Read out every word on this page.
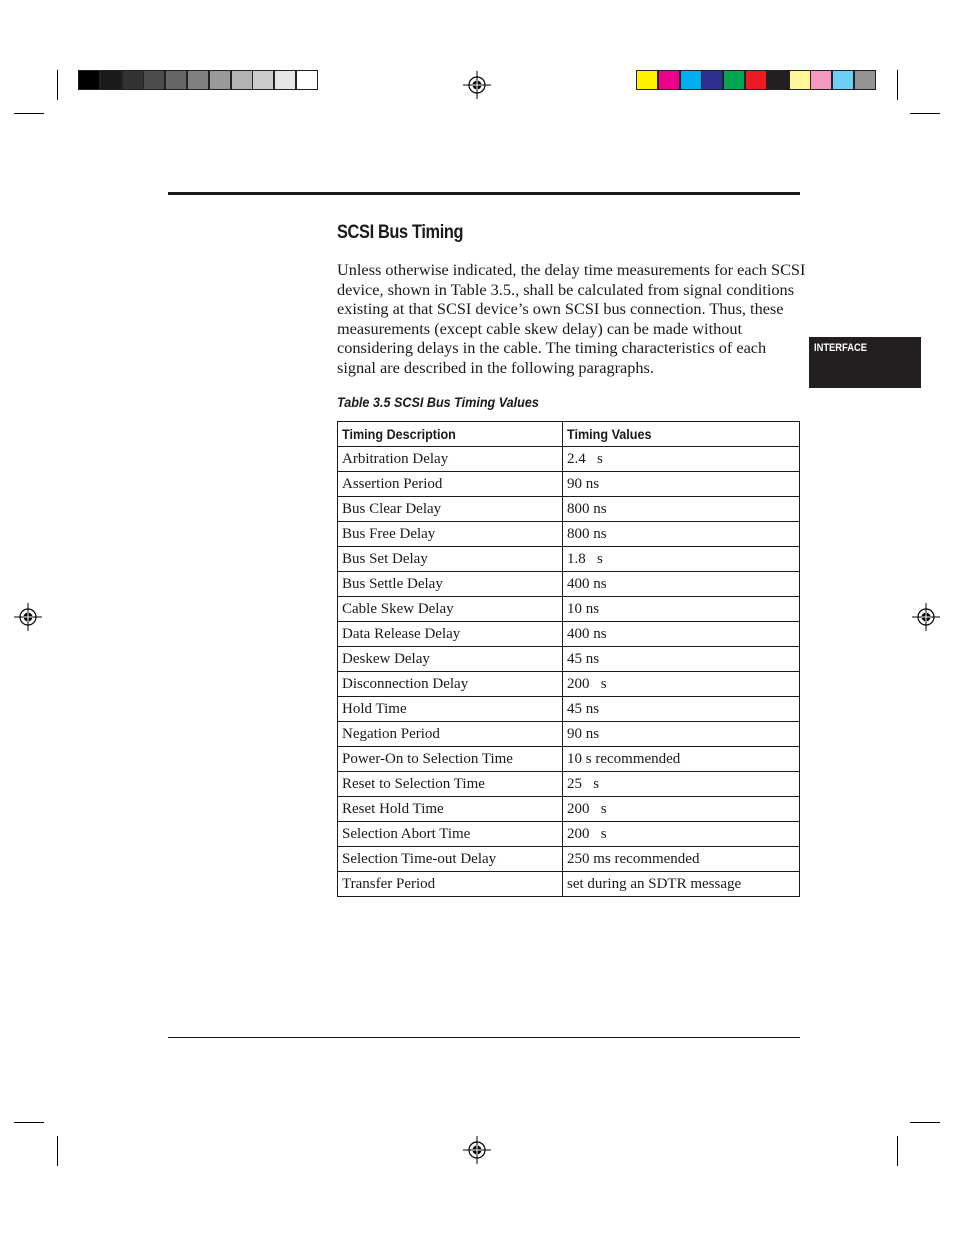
SCSI Bus Timing
Unless otherwise indicated, the delay time measurements for each SCSI device, shown in Table 3.5., shall be calculated from signal conditions existing at that SCSI device’s own SCSI bus connection. Thus, these measurements (except cable skew delay) can be made without considering delays in the cable. The timing characteristics of each signal are described in the following paragraphs.
INTERFACE
Table 3.5 SCSI Bus Timing Values
Timing Description	Timing Values
Arbitration Delay	2.4   s
Assertion Period	90 ns
Bus Clear Delay	800 ns
Bus Free Delay	800 ns
Bus Set Delay	1.8   s
Bus Settle Delay	400 ns
Cable Skew Delay	10 ns
Data Release Delay	400 ns
Deskew Delay	45 ns
Disconnection Delay	200   s
Hold Time	45 ns
Negation Period	90 ns
Power-On to Selection Time	10 s recommended
Reset to Selection Time	25   s
Reset Hold Time	200   s
Selection Abort Time	200   s
Selection Time-out Delay	250 ms recommended
Transfer Period	set during an SDTR message
